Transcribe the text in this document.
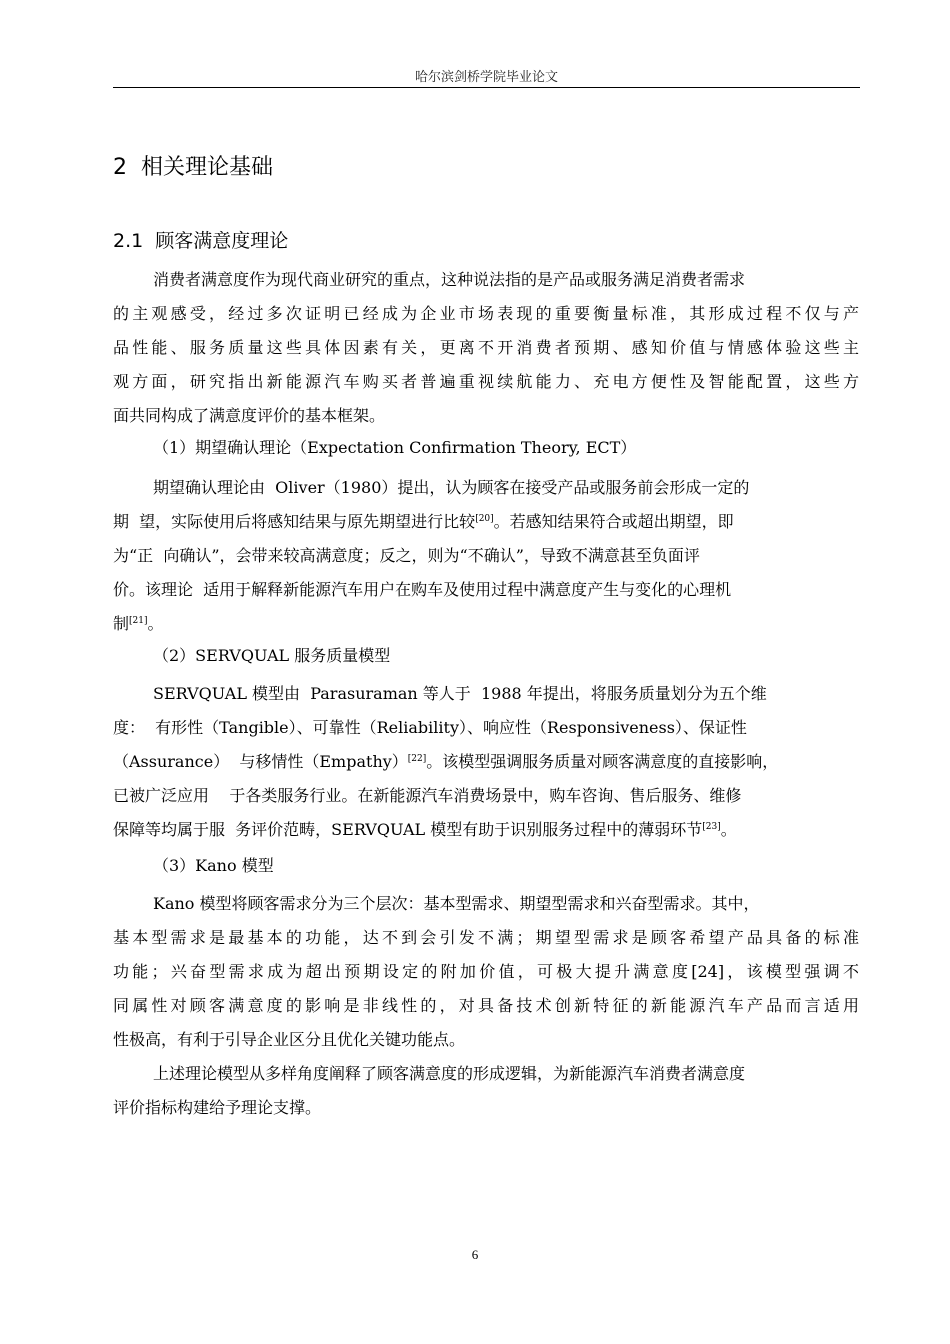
哈尔滨剑桥学院毕业论文
2  相关理论基础
2.1  顾客满意度理论
消费者满意度作为现代商业研究的重点，这种说法指的是产品或服务满足消费者需求
的主观感受，经过多次证明已经成为企业市场表现的重要衡量标准，其形成过程不仅与产
品性能、服务质量这些具体因素有关，更离不开消费者预期、感知价值与情感体验这些主
观方面，研究指出新能源汽车购买者普遍重视续航能力、充电方便性及智能配置，这些方
面共同构成了满意度评价的基本框架。
（1）期望确认理论（Expectation Confirmation Theory, ECT）
期望确认理论由  Oliver（1980）提出，认为顾客在接受产品或服务前会形成一定的
期  望，实际使用后将感知结果与原先期望进行比较[20]。若感知结果符合或超出期望，即
为“正  向确认”，会带来较高满意度；反之，则为“不确认”，导致不满意甚至负面评
价。该理论  适用于解释新能源汽车用户在购车及使用过程中满意度产生与变化的心理机
制[21]。
（2）SERVQUAL 服务质量模型
SERVQUAL 模型由  Parasuraman 等人于  1988 年提出，将服务质量划分为五个维
度：  有形性（Tangible）、可靠性（Reliability）、响应性（Responsiveness）、保证性
（Assurance）  与移情性（Empathy）[22]。该模型强调服务质量对顾客满意度的直接影响，
已被广泛应用    于各类服务行业。在新能源汽车消费场景中，购车咨询、售后服务、维修
保障等均属于服  务评价范畴，SERVQUAL 模型有助于识别服务过程中的薄弱环节[23]。
（3）Kano 模型
Kano 模型将顾客需求分为三个层次：基本型需求、期望型需求和兴奋型需求。其中，
基本型需求是最基本的功能，达不到会引发不满；期望型需求是顾客希望产品具备的标准
功能；兴奋型需求成为超出预期设定的附加价值，可极大提升满意度[24]，该模型强调不
同属性对顾客满意度的影响是非线性的，对具备技术创新特征的新能源汽车产品而言适用
性极高，有利于引导企业区分且优化关键功能点。
上述理论模型从多样角度阐释了顾客满意度的形成逻辑，为新能源汽车消费者满意度
评价指标构建给予理论支撑。
6
